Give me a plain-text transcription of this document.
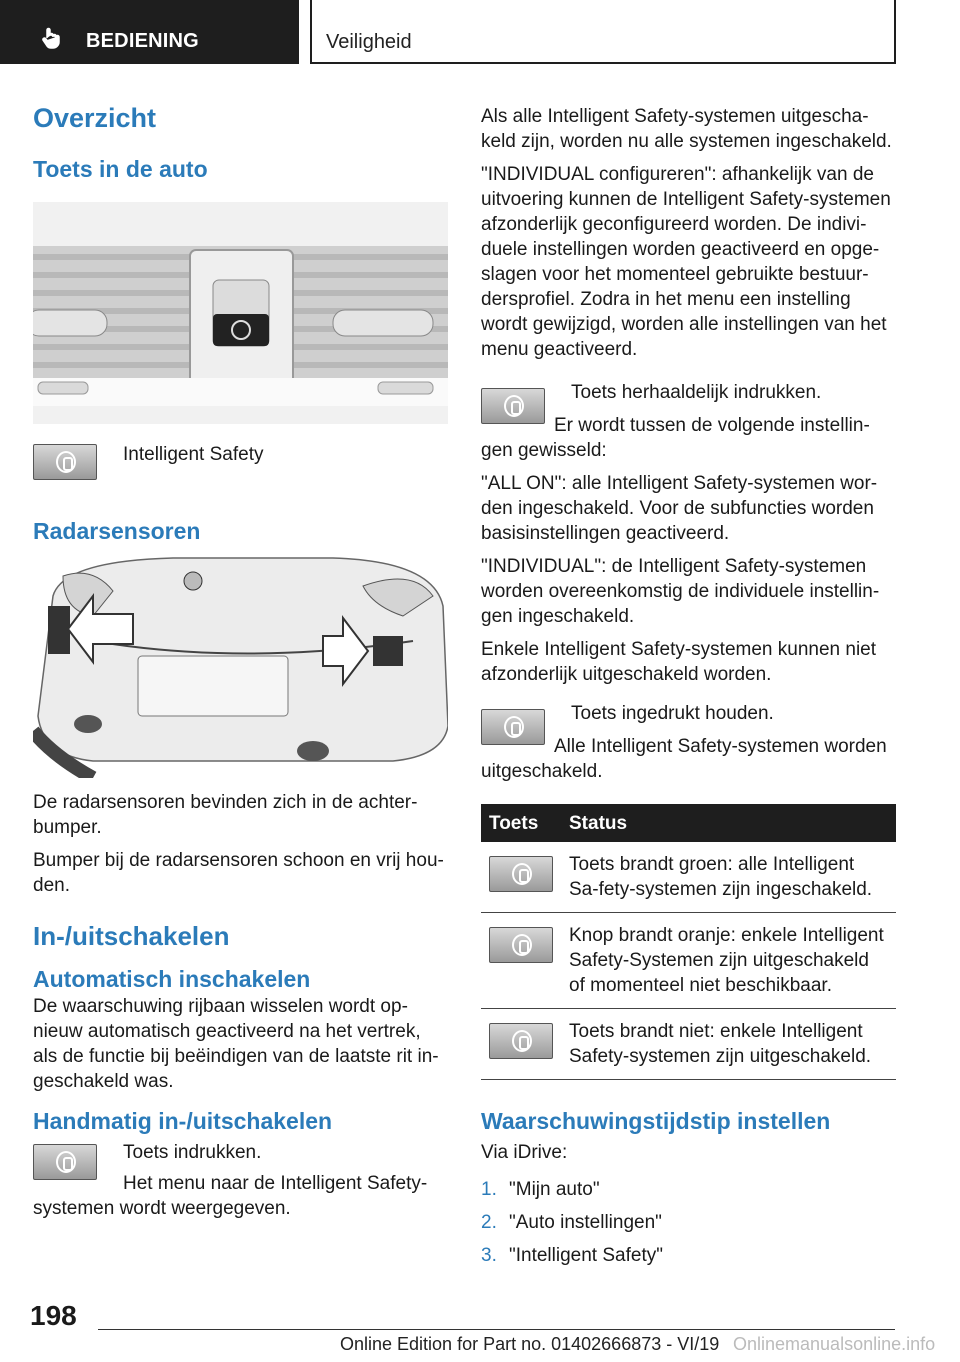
BEDIENING	Veiligheid
Overzicht
Toets in de auto
Intelligent Safety
Radarsensoren

De radarsensoren bevinden zich in de achter-bumper.

Bumper bij de radarsensoren schoon en vrij hou-den.

In-/uitschakelen
Automatisch inschakelen

De waarschuwing rijbaan wisselen wordt op-nieuw automatisch geactiveerd na het vertrek, als de functie bij beëindigen van de laatste rit in-geschakeld was.

Handmatig in-/uitschakelen

Toets indrukken.

Het menu naar de Intelligent Safety-systemen wordt weergegeven.

Als alle Intelligent Safety-systemen uitgescha-keld zijn, worden nu alle systemen ingeschakeld.

"INDIVIDUAL configureren": afhankelijk van de uitvoering kunnen de Intelligent Safety-systemen afzonderlijk geconfigureerd worden. De indivi-duele instellingen worden geactiveerd en opge-slagen voor het momenteel gebruikte bestuur-dersprofiel. Zodra in het menu een instelling wordt gewijzigd, worden alle instellingen van het menu geactiveerd.

Toets herhaaldelijk indrukken.

Er wordt tussen de volgende instellin-gen gewisseld:

"ALL ON": alle Intelligent Safety-systemen wor-den ingeschakeld. Voor de subfuncties worden basisinstellingen geactiveerd.

"INDIVIDUAL": de Intelligent Safety-systemen worden overeenkomstig de individuele instellin-gen ingeschakeld.

Enkele Intelligent Safety-systemen kunnen niet afzonderlijk uitgeschakeld worden.

Toets ingedrukt houden.

Alle Intelligent Safety-systemen worden uitgeschakeld.

Toets	Status

	Toets brandt groen: alle Intelligent Sa-fety-systemen zijn ingeschakeld.

	Knop brandt oranje: enkele Intelligent Safety-Systemen zijn uitgeschakeld of momenteel niet beschikbaar.

	Toets brandt niet: enkele Intelligent Safety-systemen zijn uitgeschakeld.
Waarschuwingstijdstip instellen

Via iDrive:

1. "Mijn auto"
2. "Auto instellingen"
3. "Intelligent Safety"
198
Online Edition for Part no. 01402666873 - VI/19 Onlinemanualsonline.info
